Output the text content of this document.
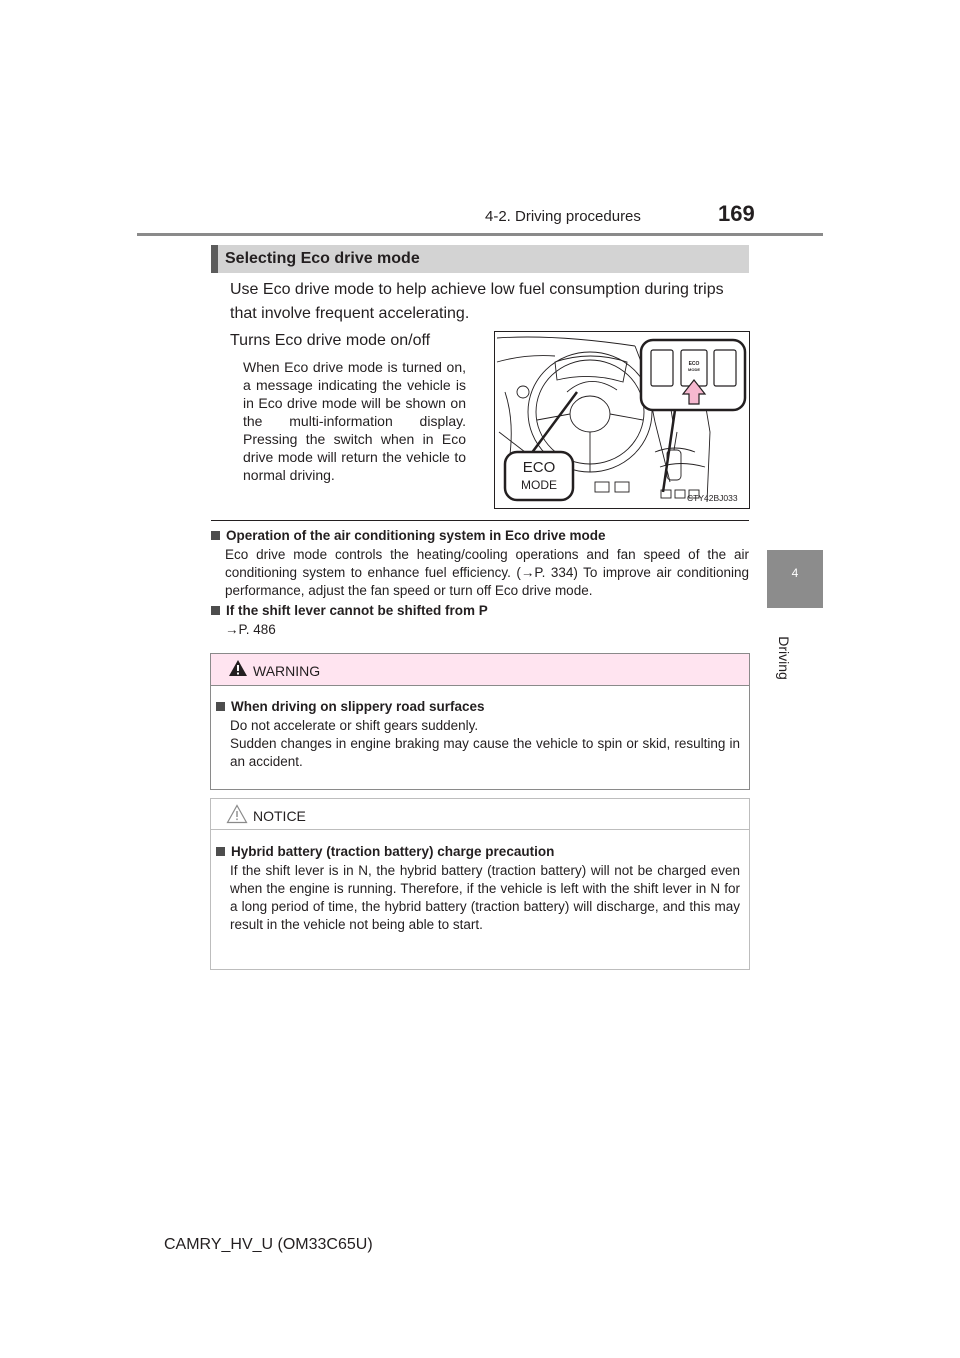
4-2. Driving procedures	169
4
Driving
Selecting Eco drive mode
Use Eco drive mode to help achieve low fuel consumption during trips that involve frequent accelerating.
Turns Eco drive mode on/off
When Eco drive mode is turned on, a message indicating the vehicle is in Eco drive mode will be shown on the multi-information display. Pressing the switch when in Eco drive mode will return the vehicle to normal driving.
ECO
MODE
ECO
MODE
CTY42BJ033
Operation of the air conditioning system in Eco drive mode
Eco drive mode controls the heating/cooling operations and fan speed of the air conditioning system to enhance fuel efficiency. (→P. 334) To improve air conditioning performance, adjust the fan speed or turn off Eco drive mode.
If the shift lever cannot be shifted from P
→P. 486
WARNING
When driving on slippery road surfaces
Do not accelerate or shift gears suddenly.
Sudden changes in engine braking may cause the vehicle to spin or skid, resulting in an accident.
NOTICE
Hybrid battery (traction battery) charge precaution
If the shift lever is in N, the hybrid battery (traction battery) will not be charged even when the engine is running. Therefore, if the vehicle is left with the shift lever in N for a long period of time, the hybrid battery (traction battery) will discharge, and this may result in the vehicle not being able to start.
CAMRY_HV_U (OM33C65U)
